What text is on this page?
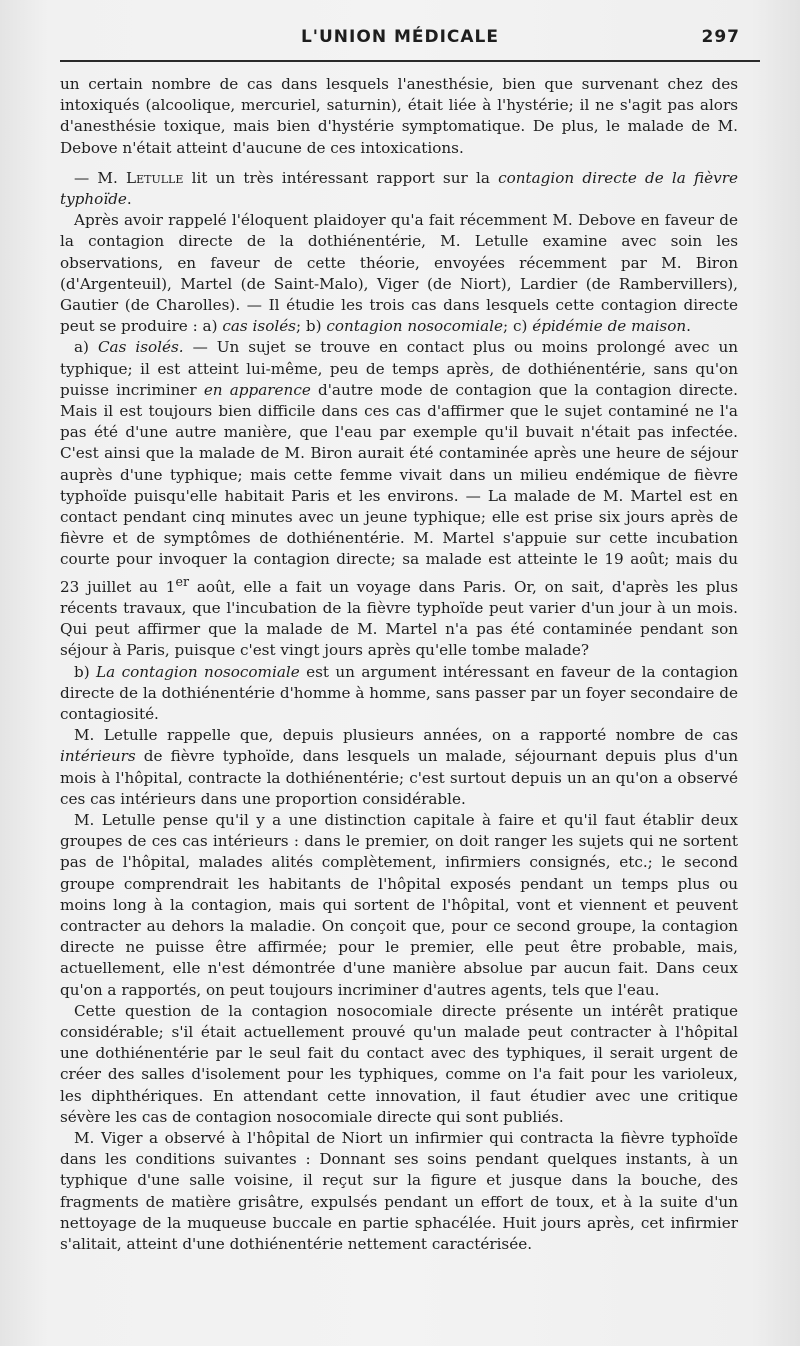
L'UNION MÉDICALE	297

un certain nombre de cas dans lesquels l'anesthésie, bien que survenant chez des intoxiqués (alcoolique, mercuriel, saturnin), était liée à l'hystérie; il ne s'agit pas alors d'anesthésie toxique, mais bien d'hystérie symptomatique. De plus, le malade de M. Debove n'était atteint d'aucune de ces intoxications.

— M. Letulle lit un très intéressant rapport sur la contagion directe de la fièvre typhoïde.

Après avoir rappelé l'éloquent plaidoyer qu'a fait récemment M. Debove en faveur de la contagion directe de la dothiénentérie, M. Letulle examine avec soin les observations, en faveur de cette théorie, envoyées récemment par M. Biron (d'Argenteuil), Martel (de Saint-Malo), Viger (de Niort), Lardier (de Rambervillers), Gautier (de Charolles). — Il étudie les trois cas dans lesquels cette contagion directe peut se produire : a) cas isolés; b) contagion nosocomiale; c) épidémie de maison.

a) Cas isolés. — Un sujet se trouve en contact plus ou moins prolongé avec un typhique; il est atteint lui-même, peu de temps après, de dothiénentérie, sans qu'on puisse incriminer en apparence d'autre mode de contagion que la contagion directe. Mais il est toujours bien difficile dans ces cas d'affirmer que le sujet contaminé ne l'a pas été d'une autre manière, que l'eau par exemple qu'il buvait n'était pas infectée. C'est ainsi que la malade de M. Biron aurait été contaminée après une heure de séjour auprès d'une typhique; mais cette femme vivait dans un milieu endémique de fièvre typhoïde puisqu'elle habitait Paris et les environs. — La malade de M. Martel est en contact pendant cinq minutes avec un jeune typhique; elle est prise six jours après de fièvre et de symptômes de dothiénentérie. M. Martel s'appuie sur cette incubation courte pour invoquer la contagion directe; sa malade est atteinte le 19 août; mais du 23 juillet au 1er août, elle a fait un voyage dans Paris. Or, on sait, d'après les plus récents travaux, que l'incubation de la fièvre typhoïde peut varier d'un jour à un mois. Qui peut affirmer que la malade de M. Martel n'a pas été contaminée pendant son séjour à Paris, puisque c'est vingt jours après qu'elle tombe malade?

b) La contagion nosocomiale est un argument intéressant en faveur de la contagion directe de la dothiénentérie d'homme à homme, sans passer par un foyer secondaire de contagiosité.

M. Letulle rappelle que, depuis plusieurs années, on a rapporté nombre de cas intérieurs de fièvre typhoïde, dans lesquels un malade, séjournant depuis plus d'un mois à l'hôpital, contracte la dothiénentérie; c'est surtout depuis un an qu'on a observé ces cas intérieurs dans une proportion considérable.

M. Letulle pense qu'il y a une distinction capitale à faire et qu'il faut établir deux groupes de ces cas intérieurs : dans le premier, on doit ranger les sujets qui ne sortent pas de l'hôpital, malades alités complètement, infirmiers consignés, etc.; le second groupe comprendrait les habitants de l'hôpital exposés pendant un temps plus ou moins long à la contagion, mais qui sortent de l'hôpital, vont et viennent et peuvent contracter au dehors la maladie. On conçoit que, pour ce second groupe, la contagion directe ne puisse être affirmée; pour le premier, elle peut être probable, mais, actuellement, elle n'est démontrée d'une manière absolue par aucun fait. Dans ceux qu'on a rapportés, on peut toujours incriminer d'autres agents, tels que l'eau.

Cette question de la contagion nosocomiale directe présente un intérêt pratique considérable; s'il était actuellement prouvé qu'un malade peut contracter à l'hôpital une dothiénentérie par le seul fait du contact avec des typhiques, il serait urgent de créer des salles d'isolement pour les typhiques, comme on l'a fait pour les varioleux, les diphthériques. En attendant cette innovation, il faut étudier avec une critique sévère les cas de contagion nosocomiale directe qui sont publiés.

M. Viger a observé à l'hôpital de Niort un infirmier qui contracta la fièvre typhoïde dans les conditions suivantes : Donnant ses soins pendant quelques instants, à un typhique d'une salle voisine, il reçut sur la figure et jusque dans la bouche, des fragments de matière grisâtre, expulsés pendant un effort de toux, et à la suite d'un nettoyage de la muqueuse buccale en partie sphacélée. Huit jours après, cet infirmier s'alitait, atteint d'une dothiénentérie nettement caractérisée.
